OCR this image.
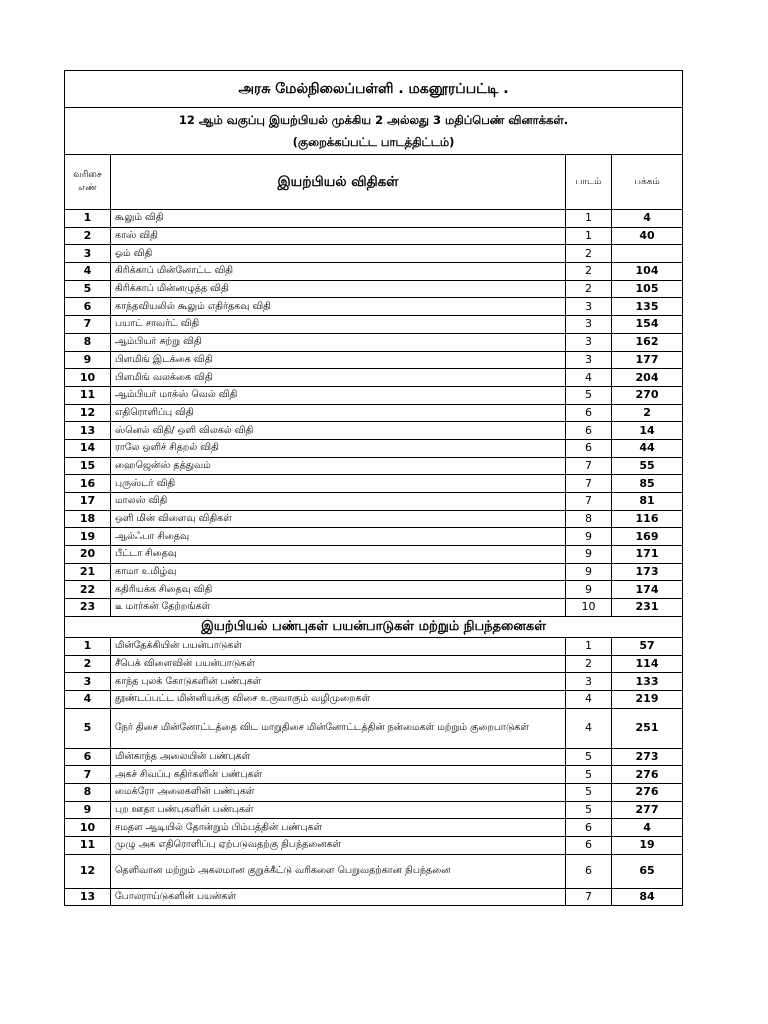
அரசு மேல்நிலைப்பள்ளி . மகனூரப்பட்டி .			

12 ஆம் வகுப்பு இயற்பியல் முக்கிய 2 அல்லது 3 மதிப்பெண் வினாக்கள்.
(குறைக்கப்பட்ட பாடத்திட்டம்)			

வரிசை எண்	இயற்பியல் விதிகள்	பாடம்	பக்கம்
1	கூலும் விதி	1	4
2	காஸ் விதி	1	40
3	ஓம் விதி	2	
4	கிரிக்காப் மின்னோட்ட விதி	2	104
5	கிரிக்காப் மின்னழுத்த விதி	2	105
6	காந்தவியலில் கூலும் எதிர்தகவு விதி	3	135
7	பயாட் சாவர்ட் விதி	3	154
8	ஆம்பியர் சுற்று விதி	3	162
9	பிளமிங் இடக்கை விதி	3	177
10	பிளமிங் வலக்கை விதி	4	204
11	ஆம்பியர் மாக்ஸ் வெல் விதி	5	270
12	எதிரொளிப்பு விதி	6	2
13	ஸ்னெல் விதி/ ஒளி விலகல் விதி	6	14
14	ராலே ஒளிச் சிதறல் விதி	6	44
15	ஹைஜென்ஸ் தத்துவம்	7	55
16	புருஸ்டர் விதி	7	85
17	மாலஸ் விதி	7	81
18	ஒளி மின் விளைவு விதிகள்	8	116
19	ஆல்ஃபா சிதைவு	9	169
20	பீட்டா சிதைவு	9	171
21	காமா உமிழ்வு	9	173
22	கதிரியக்க சிதைவு விதி	9	174
23	டீ மார்கன் தேற்றங்கள்	10	231
இயற்பியல் பண்புகள் பயன்பாடுகள் மற்றும் நிபந்தனைகள்			
1	மின்தேக்கியின் பயன்பாடுகள்	1	57
2	சீபெக் விளைவின் பயன்பாடுகள்	2	114
3	காந்த புலக் கோடுகளின் பண்புகள்	3	133
4	தூண்டப்பட்ட மின்னியக்கு விசை உருவாகும் வழிமுறைகள்	4	219
5	நேர் திசை மின்னோட்டத்தை விட மாறுதிசை மின்னோட்டத்தின் நன்மைகள் மற்றும் குறைபாடுகள்	4	251
6	மின்காந்த அலையின் பண்புகள்	5	273
7	அகச் சிவப்பு கதிர்களின் பண்புகள்	5	276
8	மைக்ரோ அலைகளின் பண்புகள்	5	276
9	புற ஊதா பண்புகளின் பண்புகள்	5	277
10	சமதள ஆடியில் தோன்றும் பிம்பத்தின் பண்புகள்	6	4
11	முழு அக எதிரொளிப்பு ஏற்படுவதற்கு நிபந்தனைகள்	6	19
12	தெளிவான மற்றும் அகலமான குறுக்கீட்டு வரிகளை பெறுவதற்கான நிபந்தனை	6	65
13	போலராய்டுகளின் பயன்கள்	7	84
